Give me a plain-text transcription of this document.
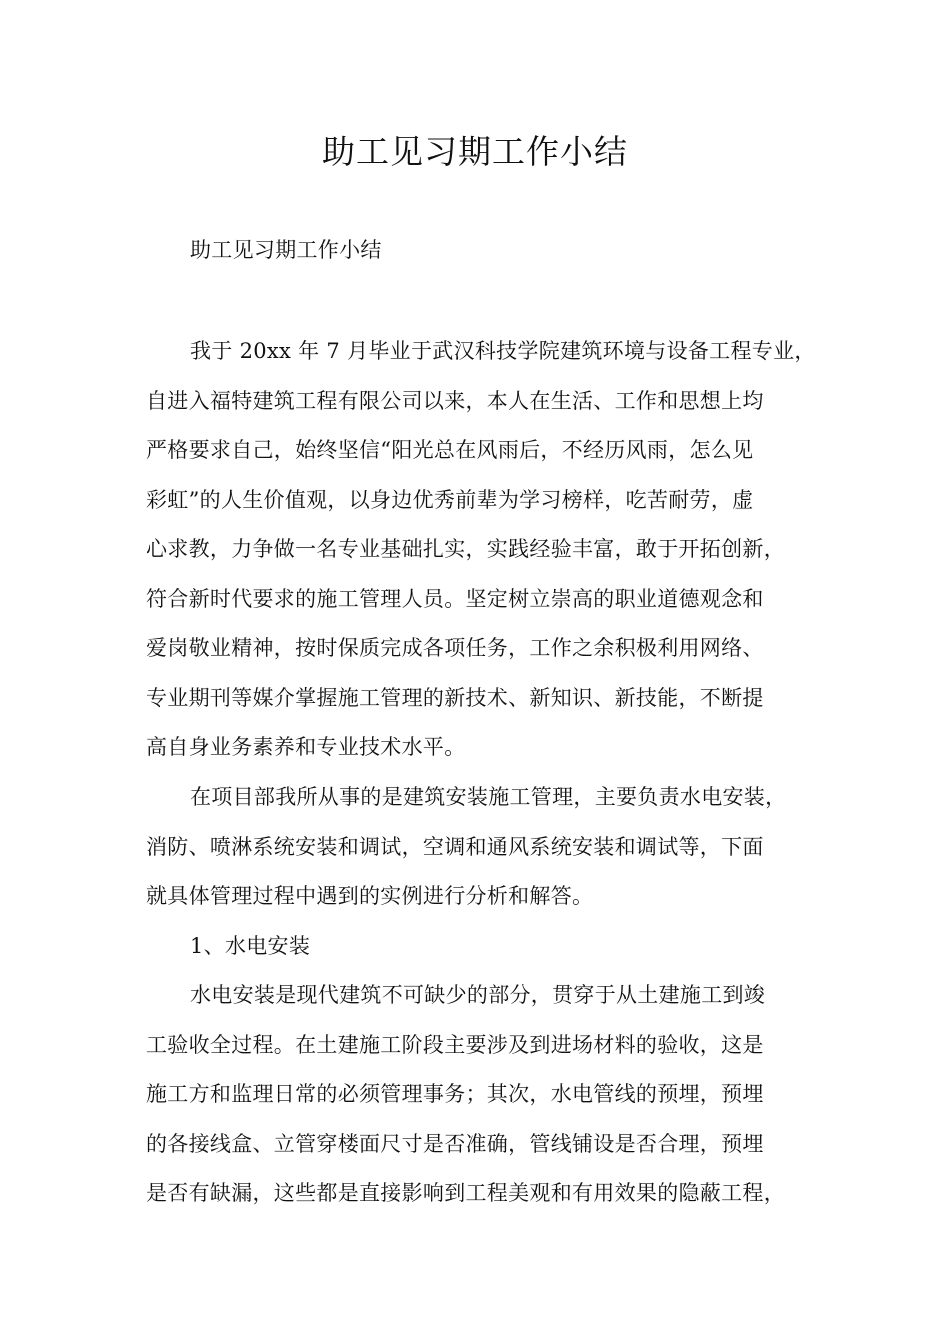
助工见习期工作小结

助工见习期工作小结

我于 20xx 年 7 月毕业于武汉科技学院建筑环境与设备工程专业，
自进入福特建筑工程有限公司以来，本人在生活、工作和思想上均
严格要求自己，始终坚信“阳光总在风雨后，不经历风雨，怎么见
彩虹”的人生价值观，以身边优秀前辈为学习榜样，吃苦耐劳，虚
心求教，力争做一名专业基础扎实，实践经验丰富，敢于开拓创新，
符合新时代要求的施工管理人员。坚定树立崇高的职业道德观念和
爱岗敬业精神，按时保质完成各项任务，工作之余积极利用网络、
专业期刊等媒介掌握施工管理的新技术、新知识、新技能，不断提
高自身业务素养和专业技术水平。

在项目部我所从事的是建筑安装施工管理，主要负责水电安装，
消防、喷淋系统安装和调试，空调和通风系统安装和调试等，下面
就具体管理过程中遇到的实例进行分析和解答。

1、水电安装

水电安装是现代建筑不可缺少的部分，贯穿于从土建施工到竣
工验收全过程。在土建施工阶段主要涉及到进场材料的验收，这是
施工方和监理日常的必须管理事务；其次，水电管线的预埋，预埋
的各接线盒、立管穿楼面尺寸是否准确，管线铺设是否合理，预埋
是否有缺漏，这些都是直接影响到工程美观和有用效果的隐蔽工程，
